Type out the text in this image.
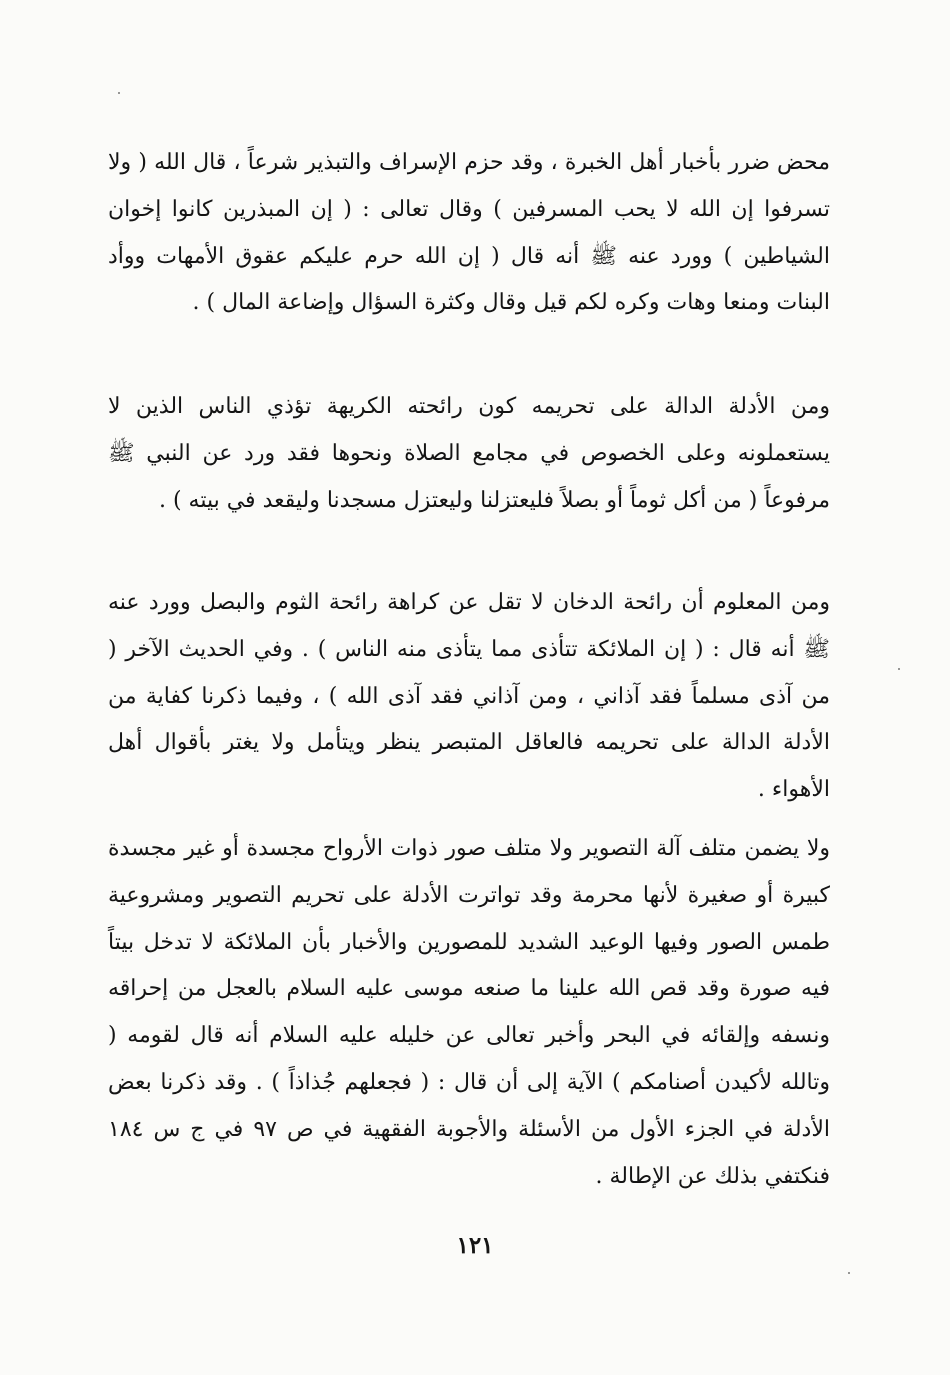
محض ضرر بأخبار أهل الخبرة ، وقد حزم الإسراف والتبذير شرعاً ، قال الله ( ولا تسرفوا إن الله لا يحب المسرفين ) وقال تعالى : ( إن المبذرين كانوا إخوان الشياطين ) وورد عنه ﷺ أنه قال ( إن الله حرم عليكم عقوق الأمهات ووأد البنات ومنعا وهات وكره لكم قيل وقال وكثرة السؤال وإضاعة المال ) .

ومن الأدلة الدالة على تحريمه كون رائحته الكريهة تؤذي الناس الذين لا يستعملونه وعلى الخصوص في مجامع الصلاة ونحوها فقد ورد عن النبي ﷺ مرفوعاً ( من أكل ثوماً أو بصلاً فليعتزلنا وليعتزل مسجدنا وليقعد في بيته ) .

ومن المعلوم أن رائحة الدخان لا تقل عن كراهة رائحة الثوم والبصل وورد عنه ﷺ أنه قال : ( إن الملائكة تتأذى مما يتأذى منه الناس ) . وفي الحديث الآخر ( من آذى مسلماً فقد آذاني ، ومن آذاني فقد آذى الله ) ، وفيما ذكرنا كفاية من الأدلة الدالة على تحريمه فالعاقل المتبصر ينظر ويتأمل ولا يغتر بأقوال أهل الأهواء .

ولا يضمن متلف آلة التصوير ولا متلف صور ذوات الأرواح مجسدة أو غير مجسدة كبيرة أو صغيرة لأنها محرمة وقد تواترت الأدلة على تحريم التصوير ومشروعية طمس الصور وفيها الوعيد الشديد للمصورين والأخبار بأن الملائكة لا تدخل بيتاً فيه صورة وقد قص الله علينا ما صنعه موسى عليه السلام بالعجل من إحراقه ونسفه وإلقائه في البحر وأخبر تعالى عن خليله عليه السلام أنه قال لقومه ( وتالله لأكيدن أصنامكم ) الآية إلى أن قال : ( فجعلهم جُذاذاً ) . وقد ذكرنا بعض الأدلة في الجزء الأول من الأسئلة والأجوبة الفقهية في ص ٩٧ في ج س ١٨٤ فنكتفي بذلك عن الإطالة .

١٢١
